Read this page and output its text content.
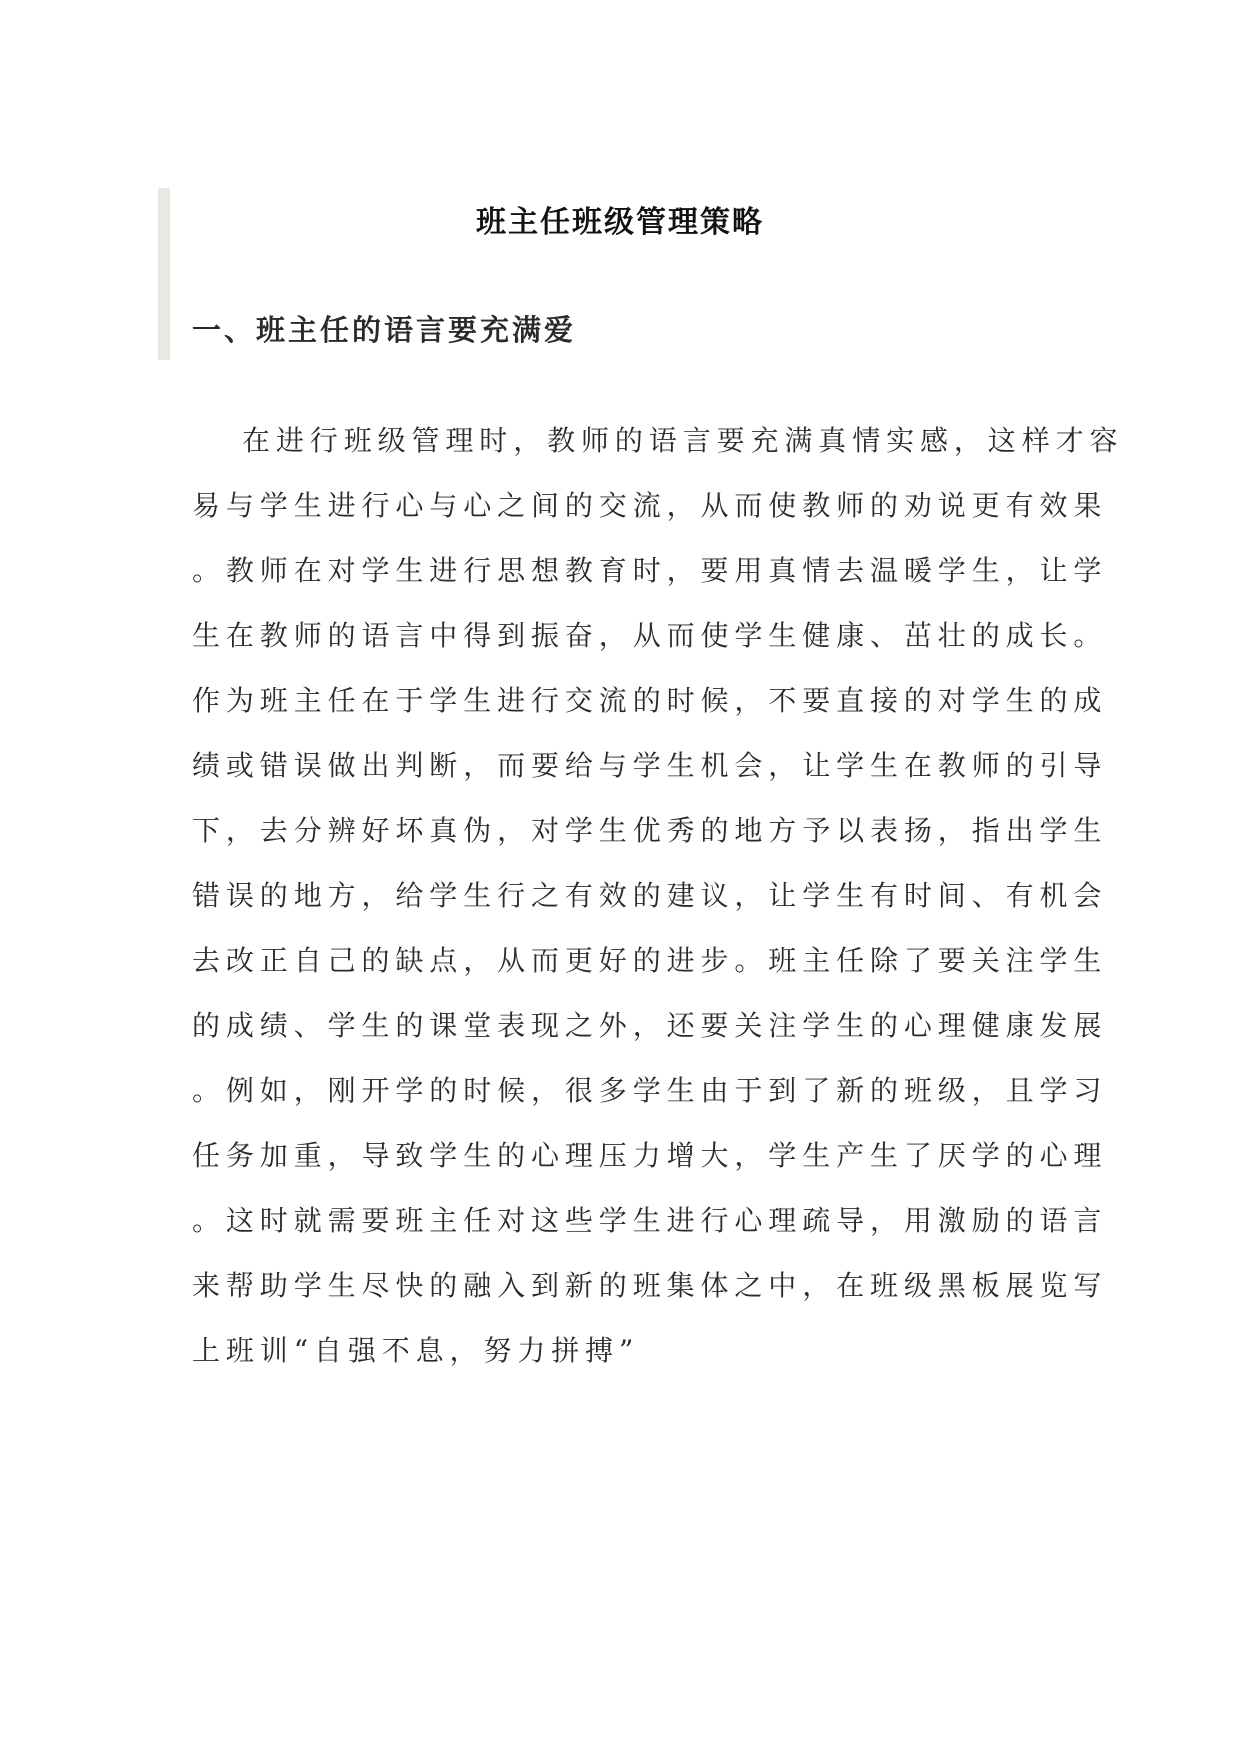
班主任班级管理策略
一、班主任的语言要充满爱
在进行班级管理时，教师的语言要充满真情实感，这样才容
易与学生进行心与心之间的交流，从而使教师的劝说更有效果
。教师在对学生进行思想教育时，要用真情去温暖学生，让学
生在教师的语言中得到振奋，从而使学生健康、茁壮的成长。
作为班主任在于学生进行交流的时候，不要直接的对学生的成
绩或错误做出判断，而要给与学生机会，让学生在教师的引导
下，去分辨好坏真伪，对学生优秀的地方予以表扬，指出学生
错误的地方，给学生行之有效的建议，让学生有时间、有机会
去改正自己的缺点，从而更好的进步。班主任除了要关注学生
的成绩、学生的课堂表现之外，还要关注学生的心理健康发展
。例如，刚开学的时候，很多学生由于到了新的班级，且学习
任务加重，导致学生的心理压力增大，学生产生了厌学的心理
。这时就需要班主任对这些学生进行心理疏导，用激励的语言
来帮助学生尽快的融入到新的班集体之中，在班级黑板展览写
上班训“自强不息，努力拼搏”
